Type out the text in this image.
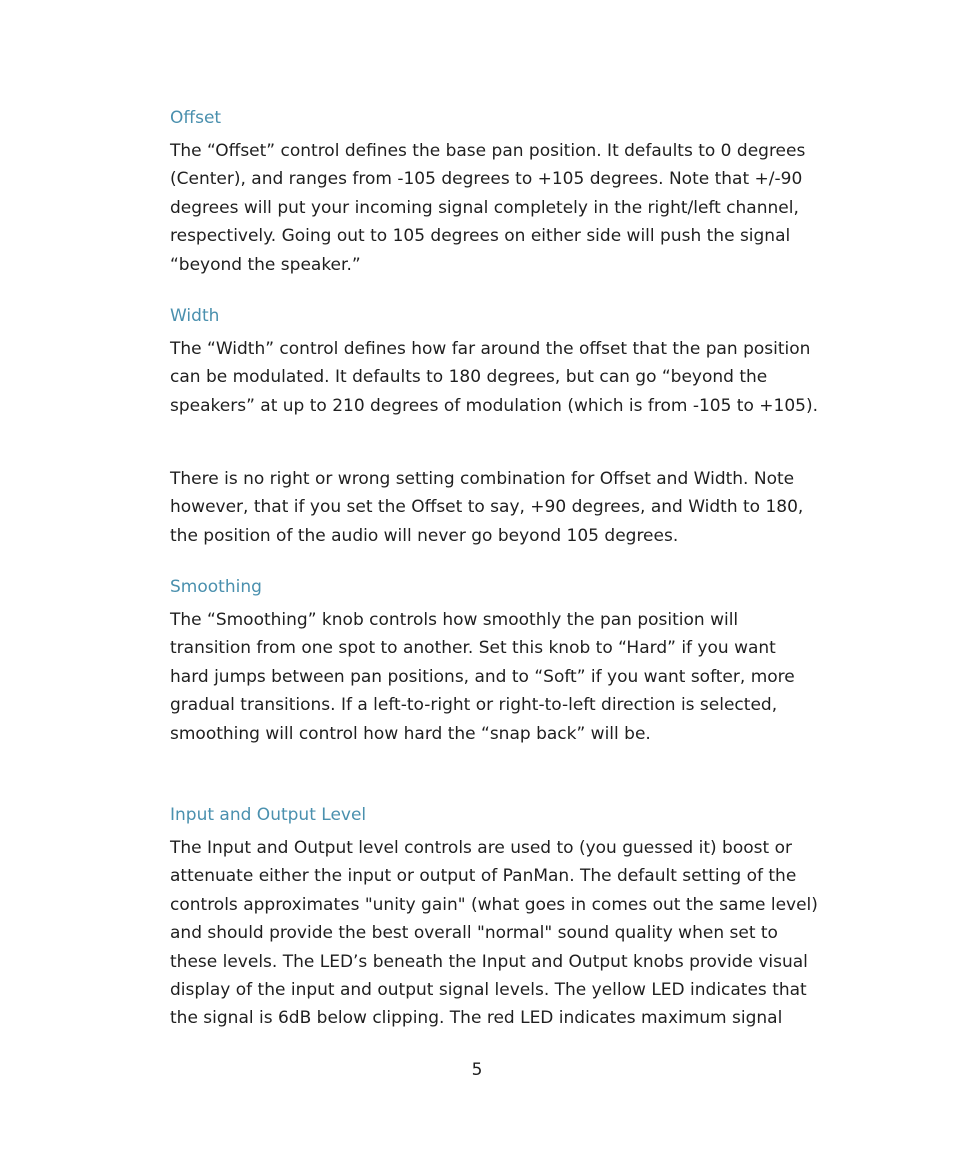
Offset

The “Offset” control defines the base pan position. It defaults to 0 degrees
(Center), and ranges from -105 degrees to +105 degrees. Note that +/-90
degrees will put your incoming signal completely in the right/left channel,
respectively. Going out to 105 degrees on either side will push the signal
“beyond the speaker.”

Width

The “Width” control defines how far around the offset that the pan position
can be modulated. It defaults to 180 degrees, but can go “beyond the
speakers” at up to 210 degrees of modulation (which is from -105 to +105).

There is no right or wrong setting combination for Offset and Width. Note
however, that if you set the Offset to say, +90 degrees, and Width to 180,
the position of the audio will never go beyond 105 degrees.

Smoothing

The “Smoothing” knob controls how smoothly the pan position will
transition from one spot to another. Set this knob to “Hard” if you want
hard jumps between pan positions, and to “Soft” if you want softer, more
gradual transitions. If a left-to-right or right-to-left direction is selected,
smoothing will control how hard the “snap back” will be.

Input and Output Level

The Input and Output level controls are used to (you guessed it) boost or
attenuate either the input or output of PanMan. The default setting of the
controls approximates "unity gain" (what goes in comes out the same level)
and should provide the best overall "normal" sound quality when set to
these levels. The LED’s beneath the Input and Output knobs provide visual
display of the input and output signal levels. The yellow LED indicates that
the signal is 6dB below clipping. The red LED indicates maximum signal

5
